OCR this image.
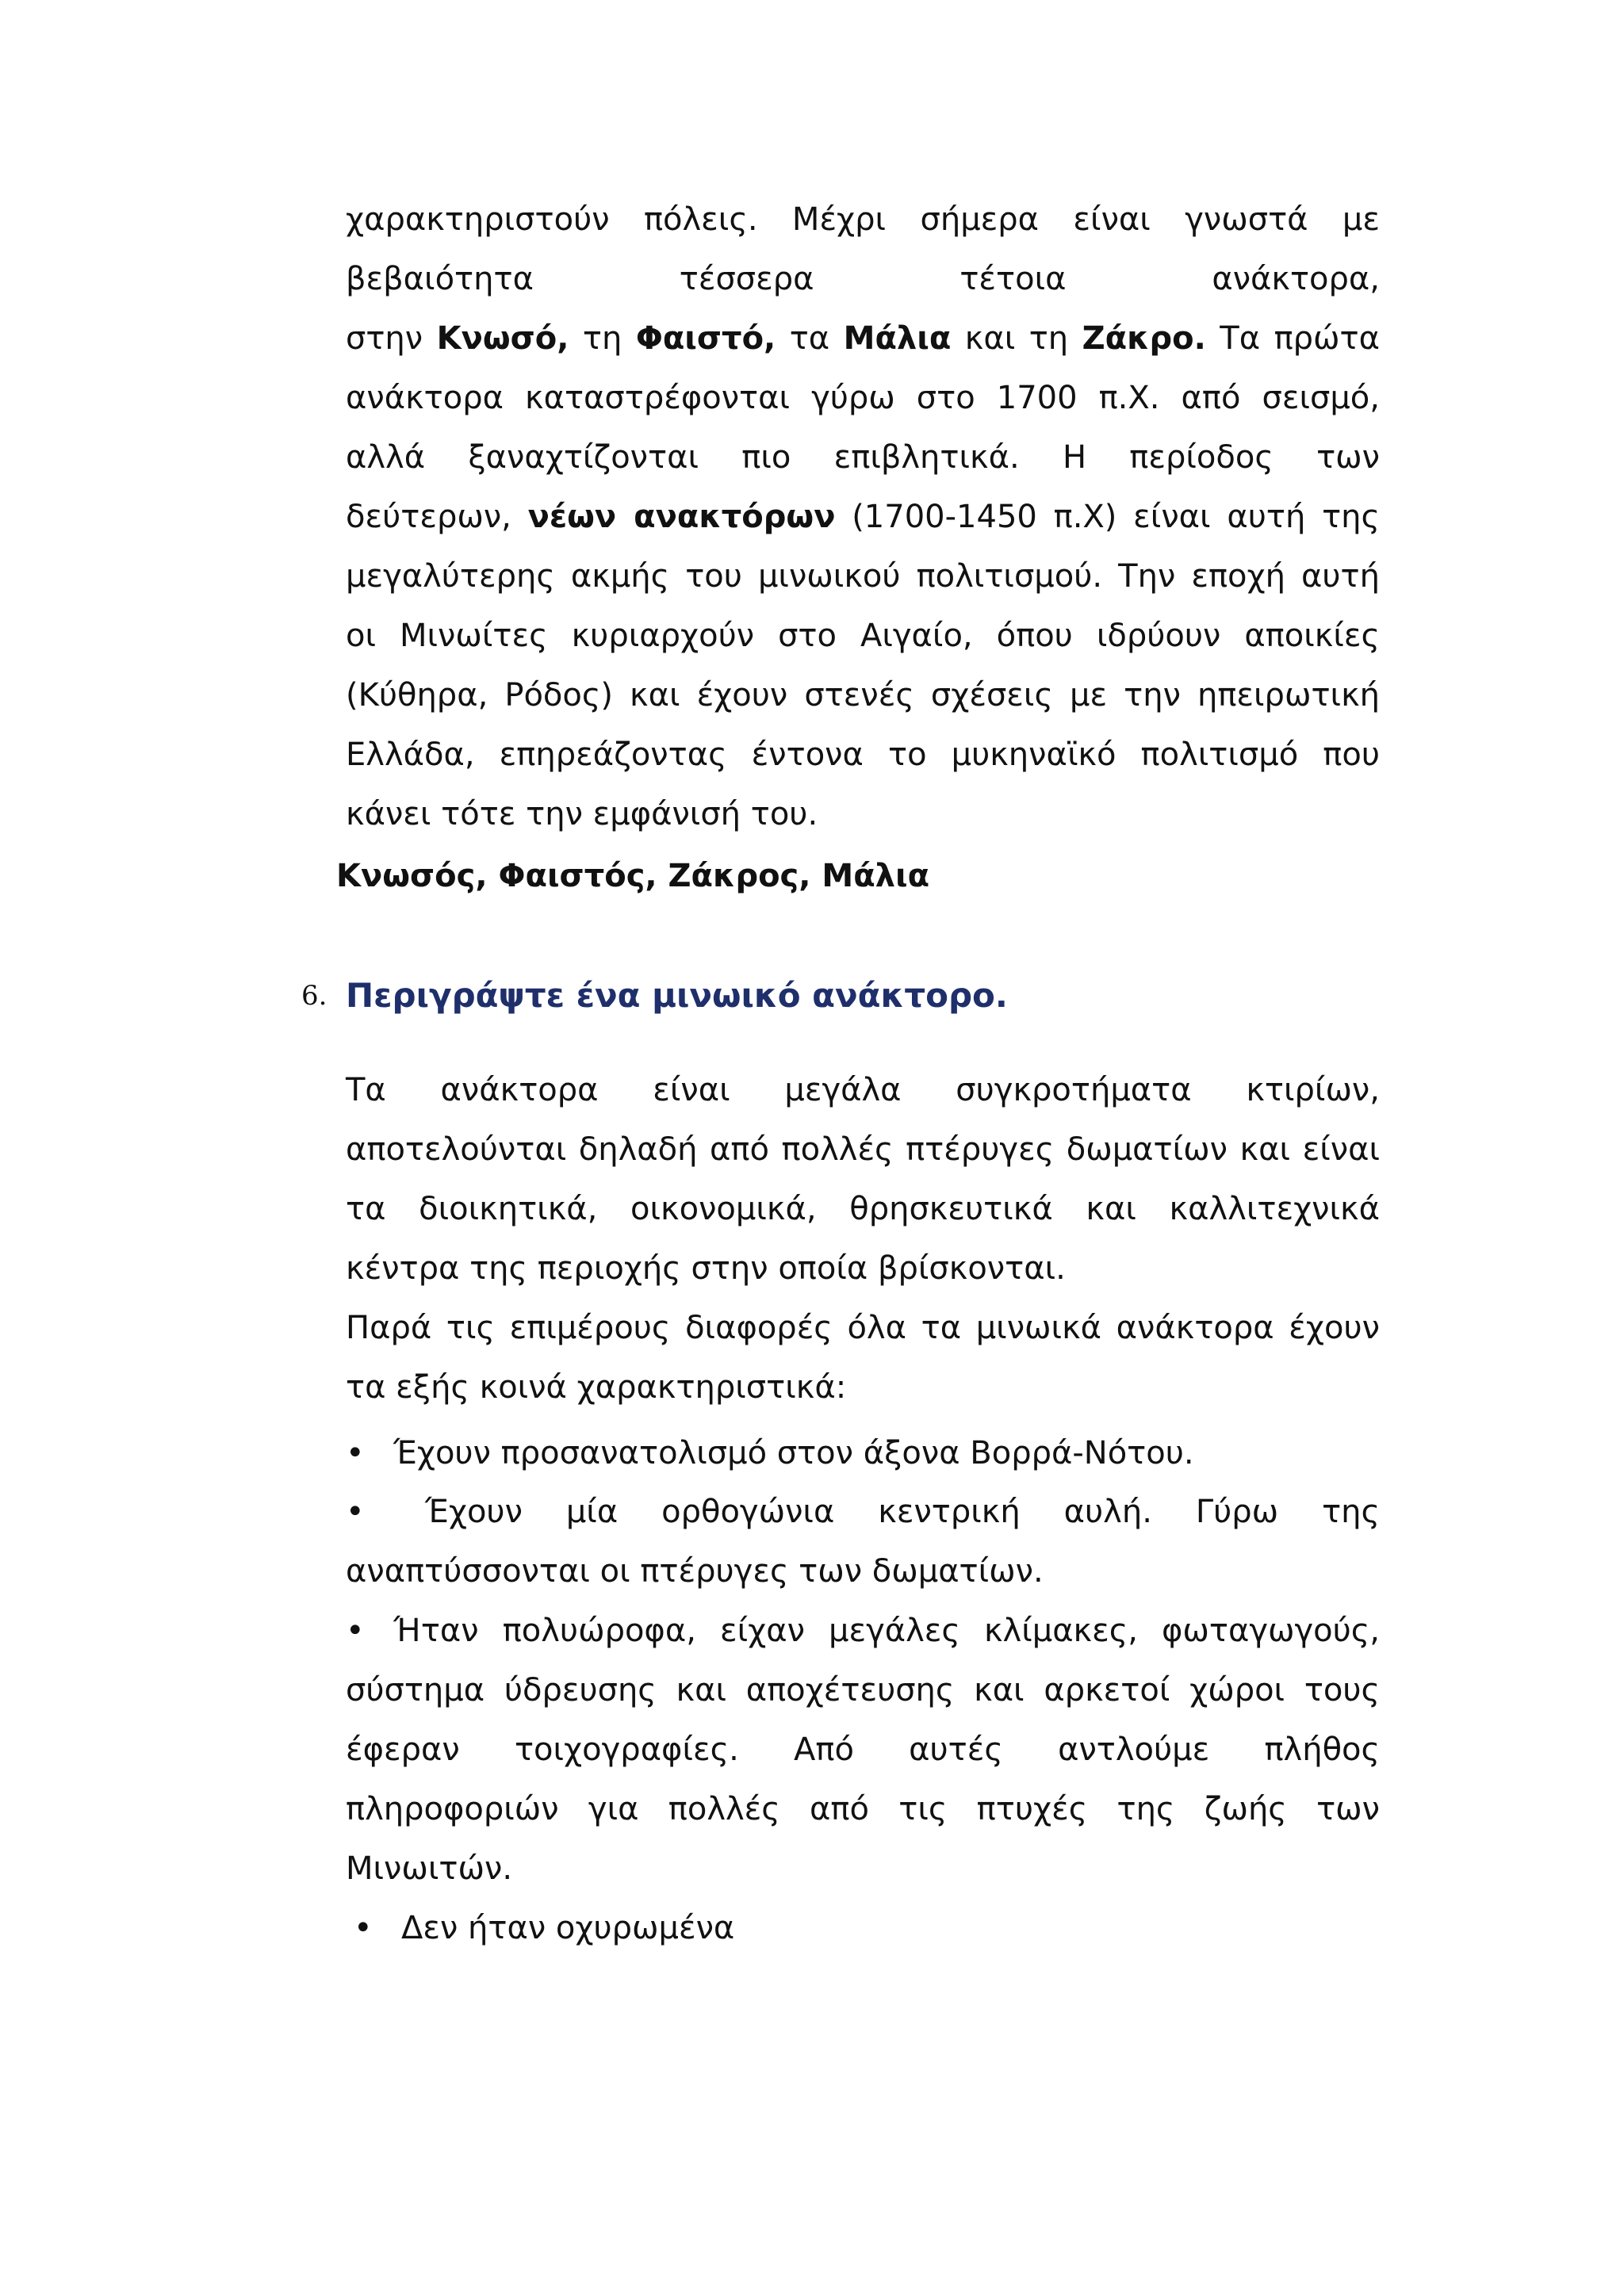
χαρακτηριστούν πόλεις. Μέχρι σήμερα είναι γνωστά με
βεβαιότητα τέσσερα τέτοια ανάκτορα,
στην Κνωσό, τη Φαιστό, τα Μάλια και τη Ζάκρο. Τα πρώτα
ανάκτορα καταστρέφονται γύρω στο 1700 π.Χ. από σεισμό,
αλλά ξαναχτίζονται πιο επιβλητικά. Η περίοδος των
δεύτερων, νέων ανακτόρων (1700-1450 π.Χ) είναι αυτή της
μεγαλύτερης ακμής του μινωικού πολιτισμού. Την εποχή αυτή
οι Μινωίτες κυριαρχούν στο Αιγαίο, όπου ιδρύουν αποικίες
(Κύθηρα, Ρόδος) και έχουν στενές σχέσεις με την ηπειρωτική
Ελλάδα, επηρεάζοντας έντονα το μυκηναϊκό πολιτισμό που
κάνει τότε την εμφάνισή του.

Κνωσός, Φαιστός, Ζάκρος, Μάλια

6. Περιγράψτε ένα μινωικό ανάκτορο.
Τα ανάκτορα είναι μεγάλα συγκροτήματα κτιρίων,
αποτελούνται δηλαδή από πολλές πτέρυγες δωματίων και είναι
τα διοικητικά, οικονομικά, θρησκευτικά και καλλιτεχνικά
κέντρα της περιοχής στην οποία βρίσκονται.
Παρά τις επιμέρους διαφορές όλα τα μινωικά ανάκτορα έχουν
τα εξής κοινά χαρακτηριστικά:
• Έχουν προσανατολισμό στον άξονα Βορρά-Νότου.
• Έχουν μία ορθογώνια κεντρική αυλή. Γύρω της
αναπτύσσονται οι πτέρυγες των δωματίων.
• Ήταν πολυώροφα, είχαν μεγάλες κλίμακες, φωταγωγούς,
σύστημα ύδρευσης και αποχέτευσης και αρκετοί χώροι τους
έφεραν τοιχογραφίες. Από αυτές αντλούμε πλήθος
πληροφοριών για πολλές από τις πτυχές της ζωής των
Μινωιτών.
• Δεν ήταν οχυρωμένα
